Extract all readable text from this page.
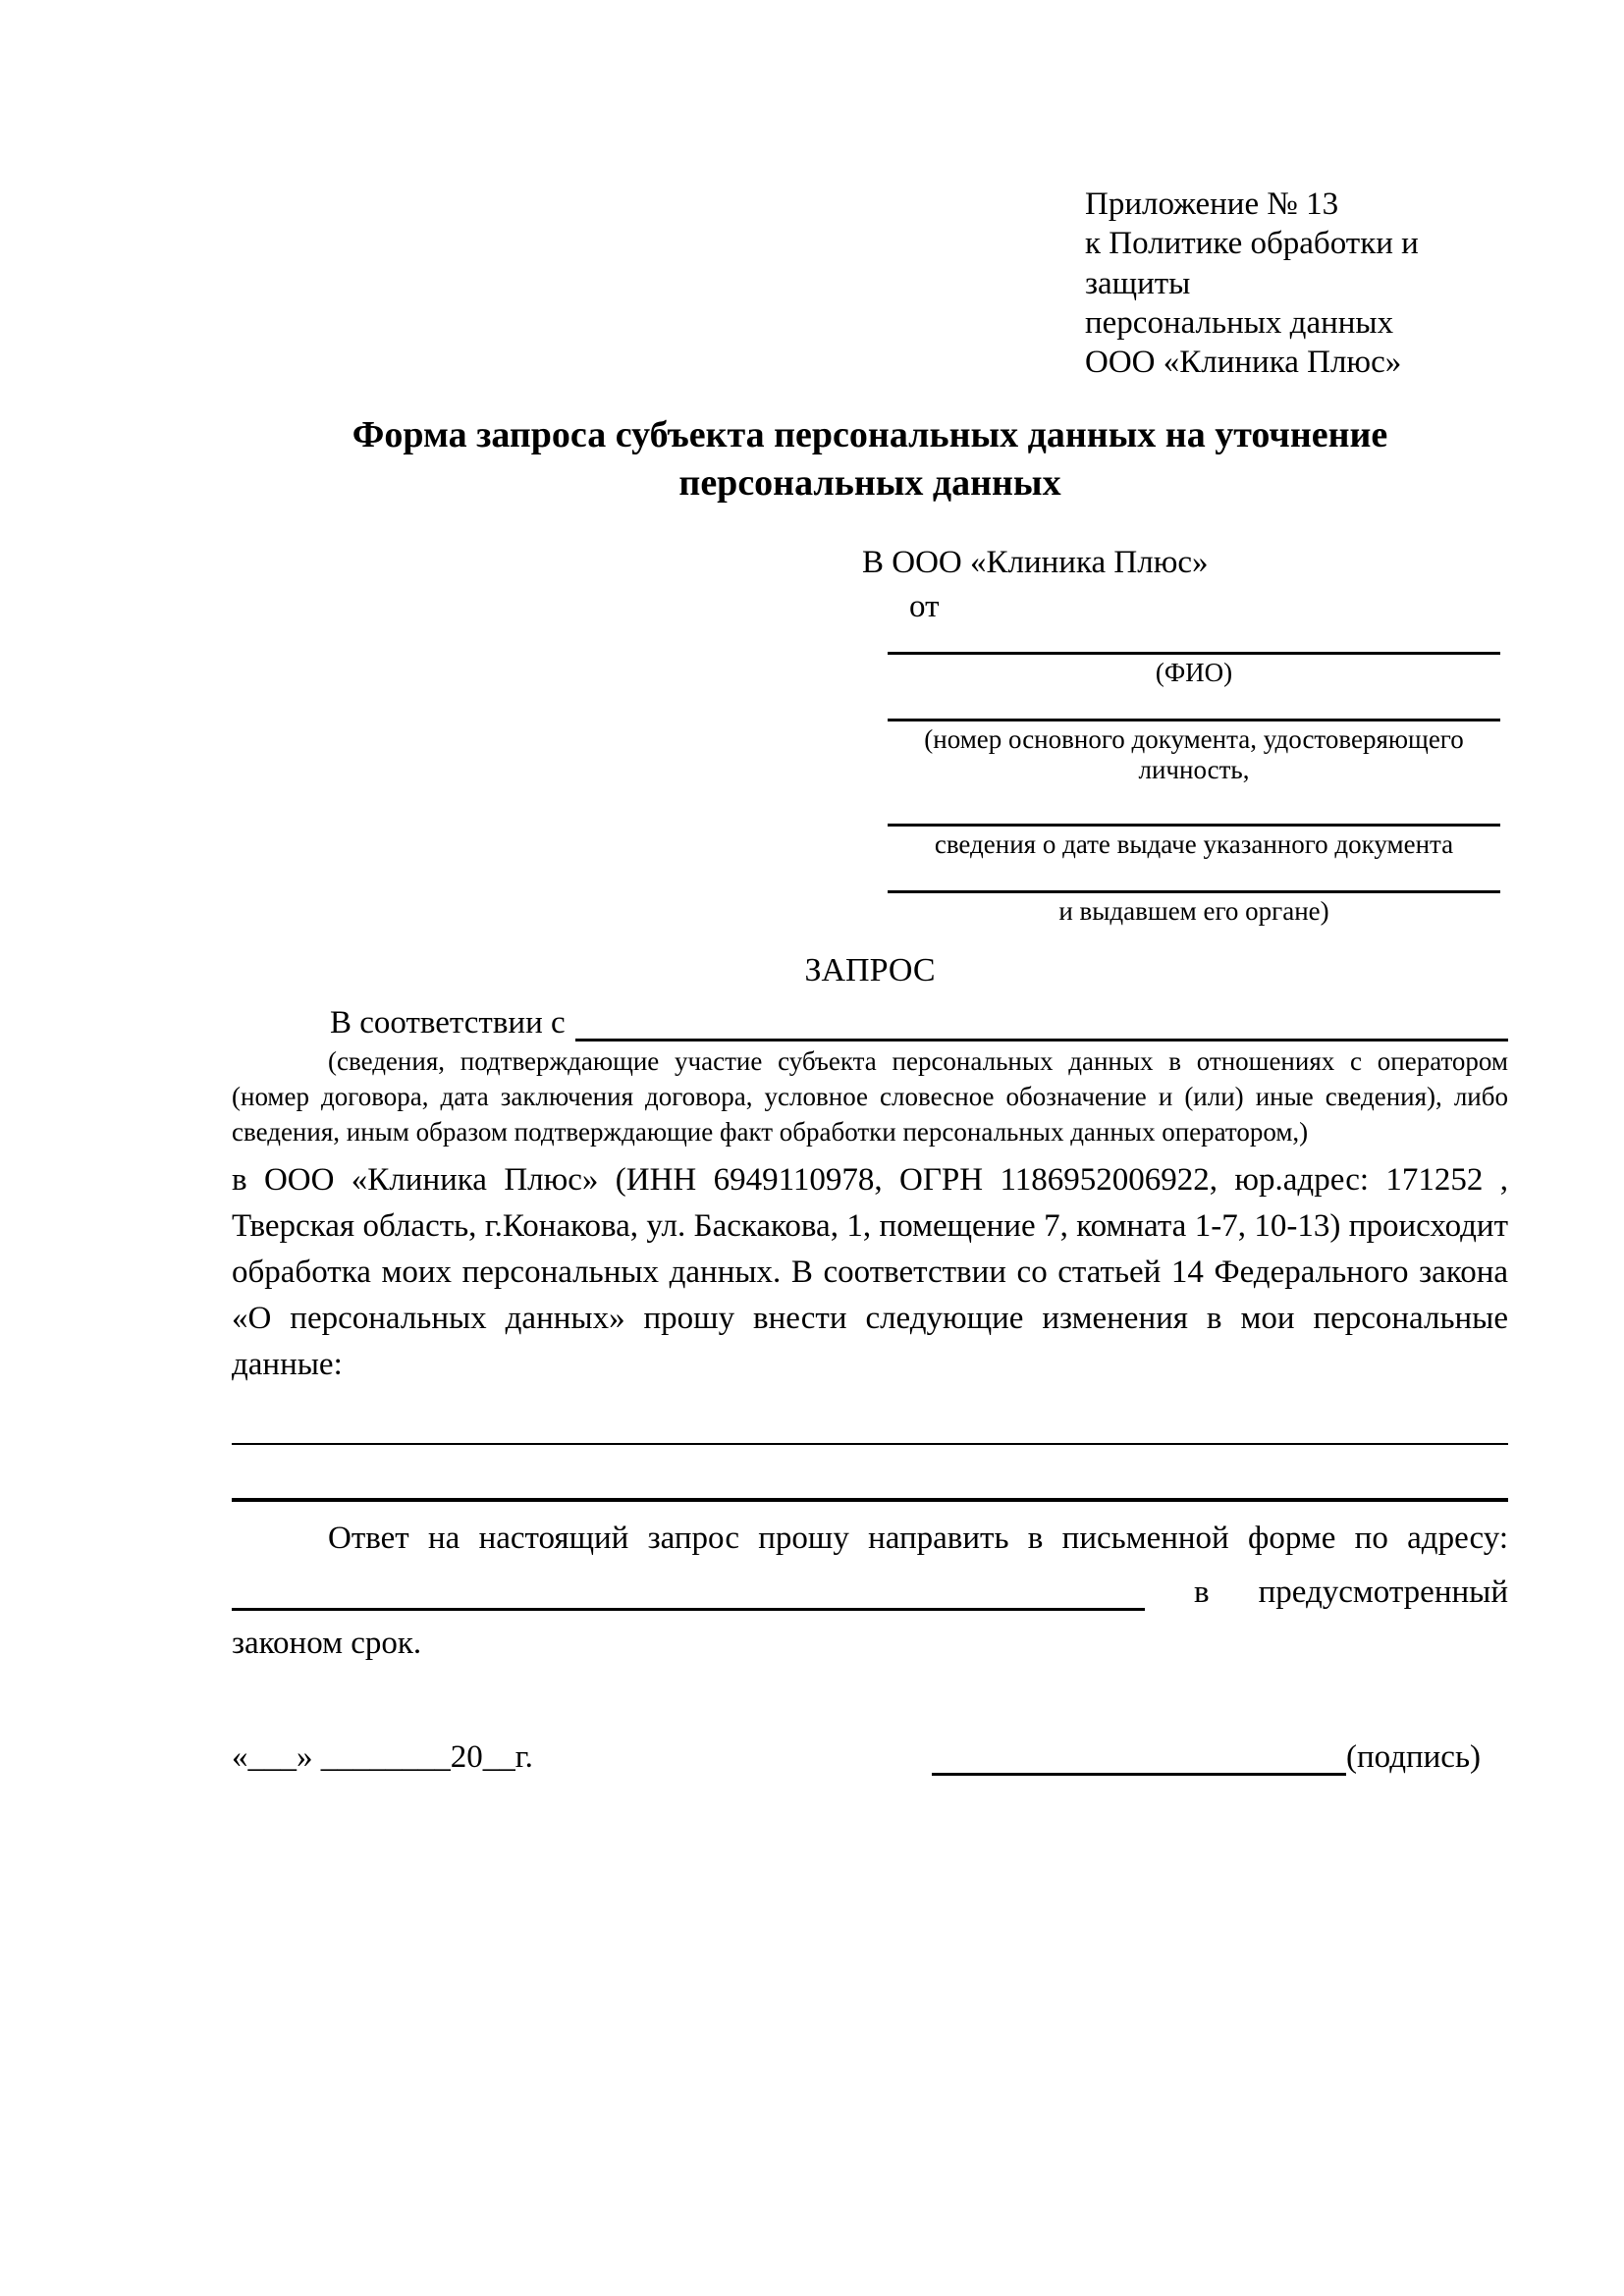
Приложение № 13
к Политике обработки и защиты
персональных данных
ООО «Клиника Плюс»
Форма запроса субъекта персональных данных на уточнение персональных данных
В ООО «Клиника Плюс»
от
(ФИО)
(номер основного документа, удостоверяющего личность,
сведения о дате выдаче указанного документа
и выдавшем его органе)
ЗАПРОС
В соответствии с
(сведения, подтверждающие участие субъекта персональных данных в отношениях с оператором (номер договора, дата заключения договора, условное словесное обозначение и (или) иные сведения), либо сведения, иным образом подтверждающие факт обработки персональных данных оператором,)
в ООО «Клиника Плюс» (ИНН 6949110978, ОГРН 1186952006922, юр.адрес: 171252 , Тверская область, г.Конакова, ул. Баскакова, 1, помещение 7, комната 1-7, 10-13) происходит обработка моих персональных данных. В соответствии со статьей 14 Федерального закона «О персональных данных» прошу внести следующие изменения в мои персональные данные:
Ответ на настоящий запрос прошу направить в письменной форме по адресу:
в предусмотренный
законом срок.
«___» ________20__г.	(подпись)
